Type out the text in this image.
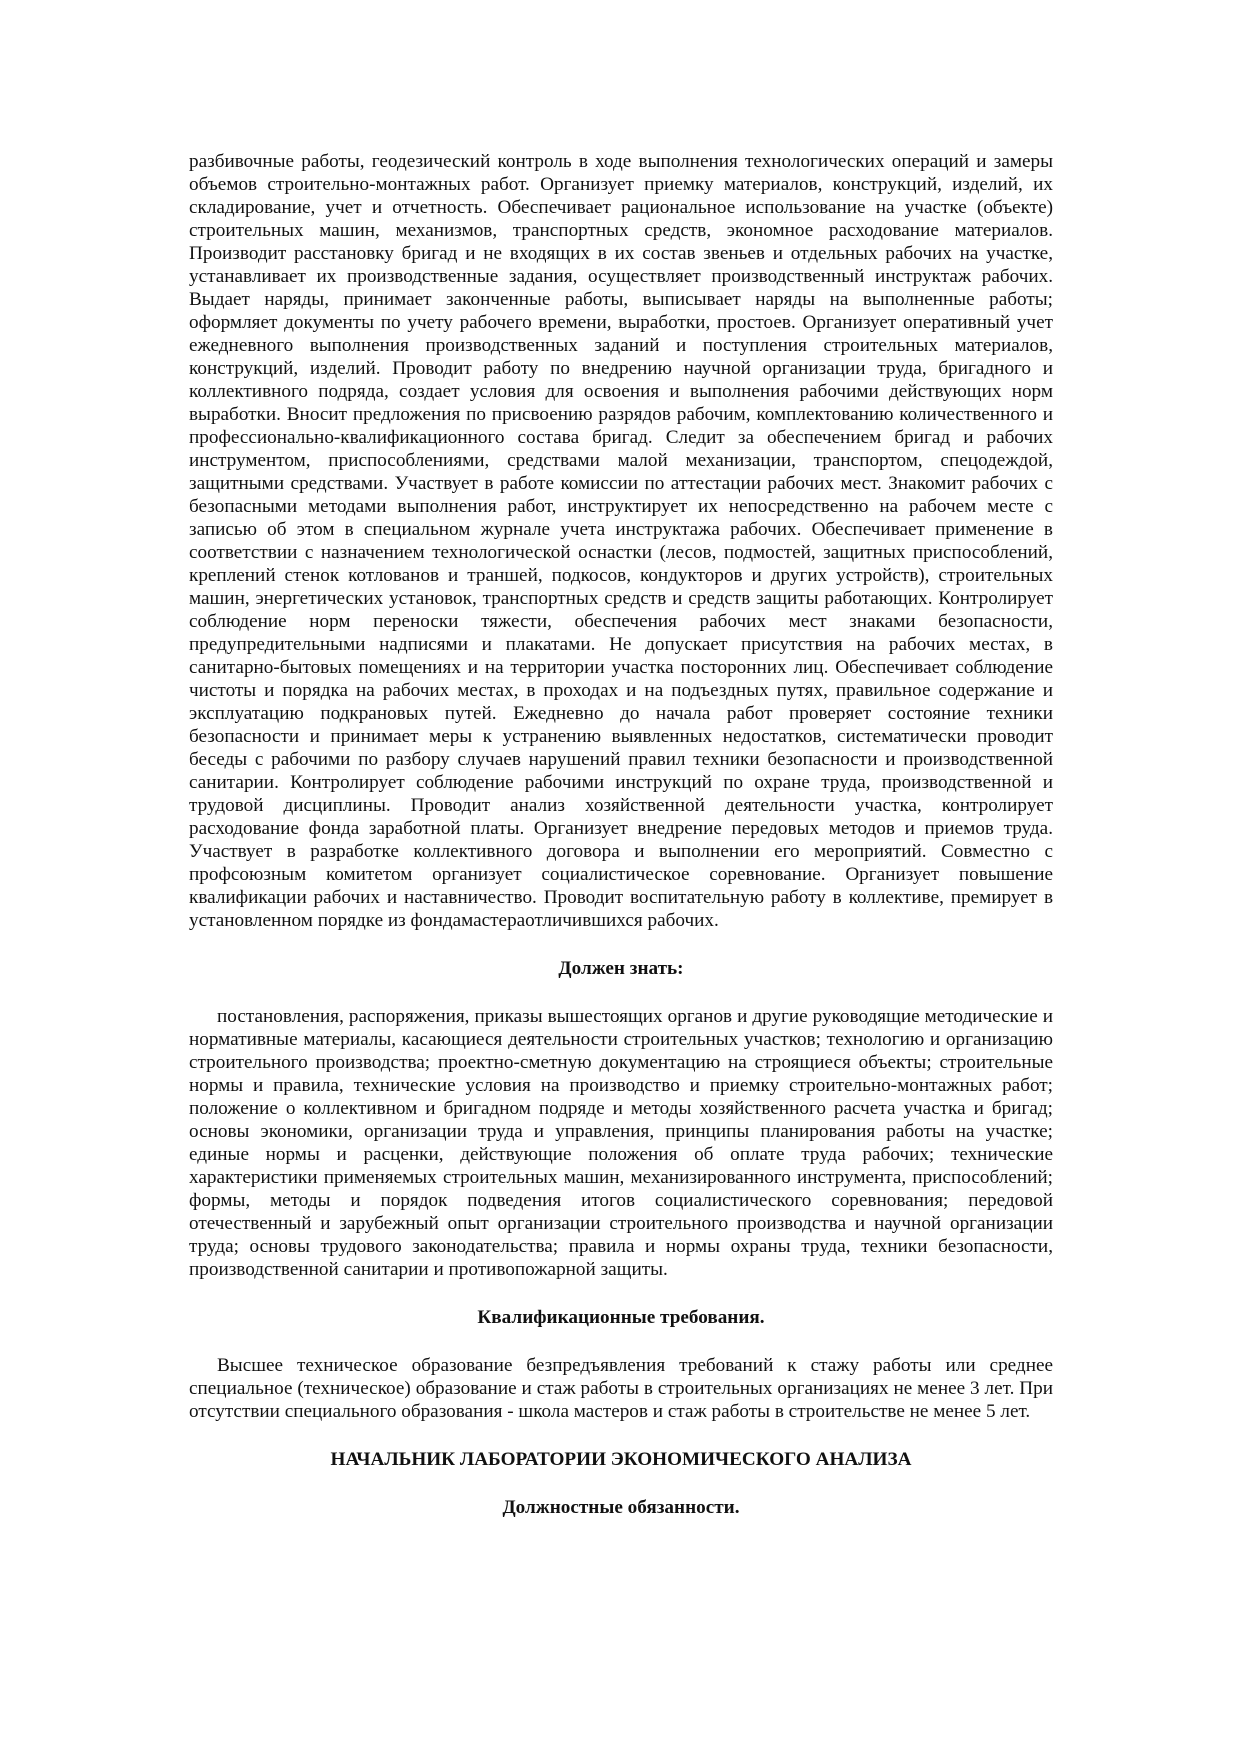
разбивочные работы, геодезический контроль в ходе выполнения технологических операций и замеры объемов строительно-монтажных работ. Организует приемку материалов, конструкций, изделий, их складирование, учет и отчетность. Обеспечивает рациональное использование на участке (объекте) строительных машин, механизмов, транспортных средств, экономное расходование материалов. Производит расстановку бригад и не входящих в их состав звеньев и отдельных рабочих на участке, устанавливает их производственные задания, осуществляет производственный инструктаж рабочих. Выдает наряды, принимает законченные работы, выписывает наряды на выполненные работы; оформляет документы по учету рабочего времени, выработки, простоев. Организует оперативный учет ежедневного выполнения производственных заданий и поступления строительных материалов, конструкций, изделий. Проводит работу по внедрению научной организации труда, бригадного и коллективного подряда, создает условия для освоения и выполнения рабочими действующих норм выработки. Вносит предложения по присвоению разрядов рабочим, комплектованию количественного и профессионально-квалификационного состава бригад. Следит за обеспечением бригад и рабочих инструментом, приспособлениями, средствами малой механизации, транспортом, спецодеждой, защитными средствами. Участвует в работе комиссии по аттестации рабочих мест. Знакомит рабочих с безопасными методами выполнения работ, инструктирует их непосредственно на рабочем месте с записью об этом в специальном журнале учета инструктажа рабочих. Обеспечивает применение в соответствии с назначением технологической оснастки (лесов, подмостей, защитных приспособлений, креплений стенок котлованов и траншей, подкосов, кондукторов и других устройств), строительных машин, энергетических установок, транспортных средств и средств защиты работающих. Контролирует соблюдение норм переноски тяжести, обеспечения рабочих мест знаками безопасности, предупредительными надписями и плакатами. Не допускает присутствия на рабочих местах, в санитарно-бытовых помещениях и на территории участка посторонних лиц. Обеспечивает соблюдение чистоты и порядка на рабочих местах, в проходах и на подъездных путях, правильное содержание и эксплуатацию подкрановых путей. Ежедневно до начала работ проверяет состояние техники безопасности и принимает меры к устранению выявленных недостатков, систематически проводит беседы с рабочими по разбору случаев нарушений правил техники безопасности и производственной санитарии. Контролирует соблюдение рабочими инструкций по охране труда, производственной и трудовой дисциплины. Проводит анализ хозяйственной деятельности участка, контролирует расходование фонда заработной платы. Организует внедрение передовых методов и приемов труда. Участвует в разработке коллективного договора и выполнении его мероприятий. Совместно с профсоюзным комитетом организует социалистическое соревнование. Организует повышение квалификации рабочих и наставничество. Проводит воспитательную работу в коллективе, премирует в установленном порядке из фондамастераотличившихся рабочих.

Должен знать:

постановления, распоряжения, приказы вышестоящих органов и другие руководящие методические и нормативные материалы, касающиеся деятельности строительных участков; технологию и организацию строительного производства; проектно-сметную документацию на строящиеся объекты; строительные нормы и правила, технические условия на производство и приемку строительно-монтажных работ; положение о коллективном и бригадном подряде и методы хозяйственного расчета участка и бригад; основы экономики, организации труда и управления, принципы планирования работы на участке; единые нормы и расценки, действующие положения об оплате труда рабочих; технические характеристики применяемых строительных машин, механизированного инструмента, приспособлений; формы, методы и порядок подведения итогов социалистического соревнования; передовой отечественный и зарубежный опыт организации строительного производства и научной организации труда; основы трудового законодательства; правила и нормы охраны труда, техники безопасности, производственной санитарии и противопожарной защиты.

Квалификационные требования.

Высшее техническое образование безпредъявления требований к стажу работы или среднее специальное (техническое) образование и стаж работы в строительных организациях не менее 3 лет. При отсутствии специального образования - школа мастеров и стаж работы в строительстве не менее 5 лет.

НАЧАЛЬНИК ЛАБОРАТОРИИ ЭКОНОМИЧЕСКОГО АНАЛИЗА

Должностные обязанности.
